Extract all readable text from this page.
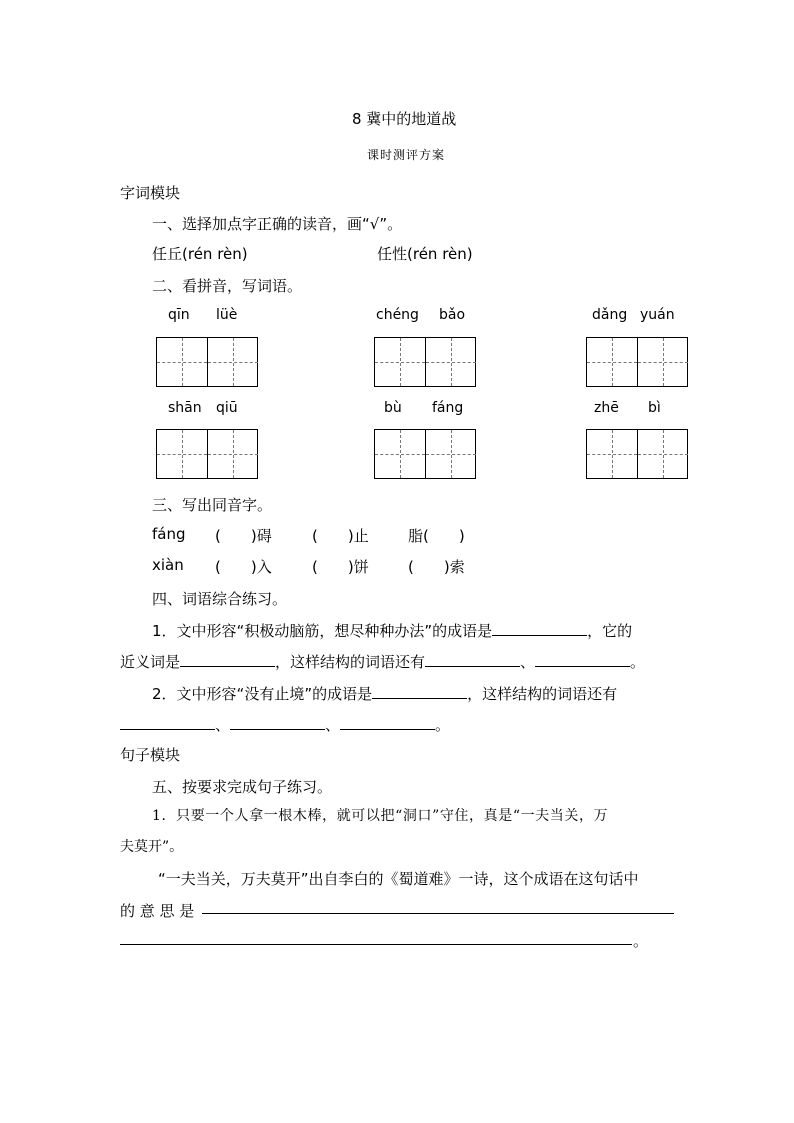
8 冀中的地道战
课时测评方案
字词模块
一、选择加点字正确的读音，画“√”。
任丘(rén rèn)	任性(rén rèn)
二、看拼音，写词语。
qīn lüè	chéng bǎo	dǎng yuán
shān qiū	bù fáng	zhē bì
三、写出同音字。
fáng (　　)碍	(　　)止	脂(　　)
xiàn (　　)入	(　　)饼	(　　)索
四、词语综合练习。
1．文中形容“积极动脑筋，想尽种种办法”的成语是	，它的
近义词是	，这样结构的词语还有	、	。
2．文中形容“没有止境”的成语是	，这样结构的词语还有
、	、	。
句子模块
五、按要求完成句子练习。
1．只要一个人拿一根木棒，就可以把“洞口”守住，真是“一夫当关，万
夫莫开”。
“一夫当关，万夫莫开”出自李白的《蜀道难》一诗，这个成语在这句话中
的 意 思 是
。
